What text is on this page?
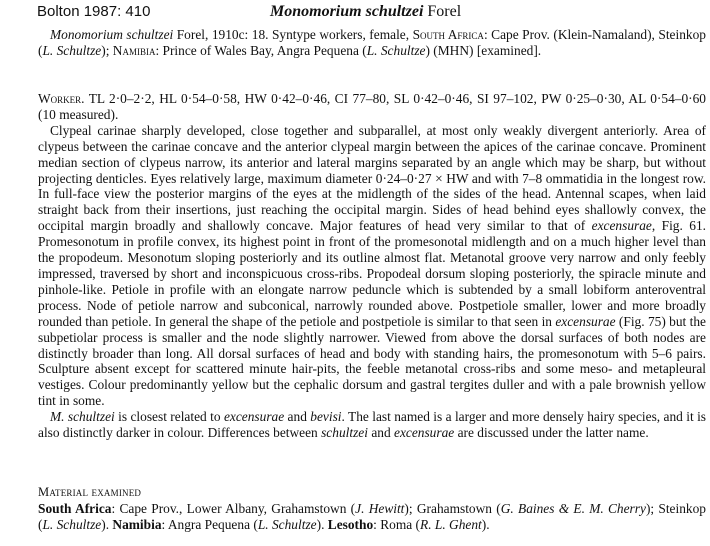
Bolton 1987: 410	Monomorium schultzei Forel

Monomorium schultzei Forel, 1910c: 18. Syntype workers, female, South Africa: Cape Prov. (Klein-Namaland), Steinkop (L. Schultze); Namibia: Prince of Wales Bay, Angra Pequena (L. Schultze) (MHN) [examined].

Worker. TL 2·0–2·2, HL 0·54–0·58, HW 0·42–0·46, CI 77–80, SL 0·42–0·46, SI 97–102, PW 0·25–0·30, AL 0·54–0·60 (10 measured).

Clypeal carinae sharply developed, close together and subparallel, at most only weakly divergent anteriorly. Area of clypeus between the carinae concave and the anterior clypeal margin between the apices of the carinae concave. Prominent median section of clypeus narrow, its anterior and lateral margins separated by an angle which may be sharp, but without projecting denticles. Eyes relatively large, maximum diameter 0·24–0·27 × HW and with 7–8 ommatidia in the longest row. In full-face view the posterior margins of the eyes at the midlength of the sides of the head. Antennal scapes, when laid straight back from their insertions, just reaching the occipital margin. Sides of head behind eyes shallowly convex, the occipital margin broadly and shallowly concave. Major features of head very similar to that of excensurae, Fig. 61. Promesonotum in profile convex, its highest point in front of the promesonotal midlength and on a much higher level than the propodeum. Mesonotum sloping posteriorly and its outline almost flat. Metanotal groove very narrow and only feebly impressed, traversed by short and inconspicuous cross-ribs. Propodeal dorsum sloping posteriorly, the spiracle minute and pinhole-like. Petiole in profile with an elongate narrow peduncle which is subtended by a small lobiform anteroventral process. Node of petiole narrow and subconical, narrowly rounded above. Postpetiole smaller, lower and more broadly rounded than petiole. In general the shape of the petiole and postpetiole is similar to that seen in excensurae (Fig. 75) but the subpetiolar process is smaller and the node slightly narrower. Viewed from above the dorsal surfaces of both nodes are distinctly broader than long. All dorsal surfaces of head and body with standing hairs, the promesonotum with 5–6 pairs. Sculpture absent except for scattered minute hair-pits, the feeble metanotal cross-ribs and some meso- and metapleural vestiges. Colour predominantly yellow but the cephalic dorsum and gastral tergites duller and with a pale brownish yellow tint in some.

M. schultzei is closest related to excensurae and bevisi. The last named is a larger and more densely hairy species, and it is also distinctly darker in colour. Differences between schultzei and excensurae are discussed under the latter name.

Material examined

South Africa: Cape Prov., Lower Albany, Grahamstown (J. Hewitt); Grahamstown (G. Baines & E. M. Cherry); Steinkop (L. Schultze). Namibia: Angra Pequena (L. Schultze). Lesotho: Roma (R. L. Ghent).
